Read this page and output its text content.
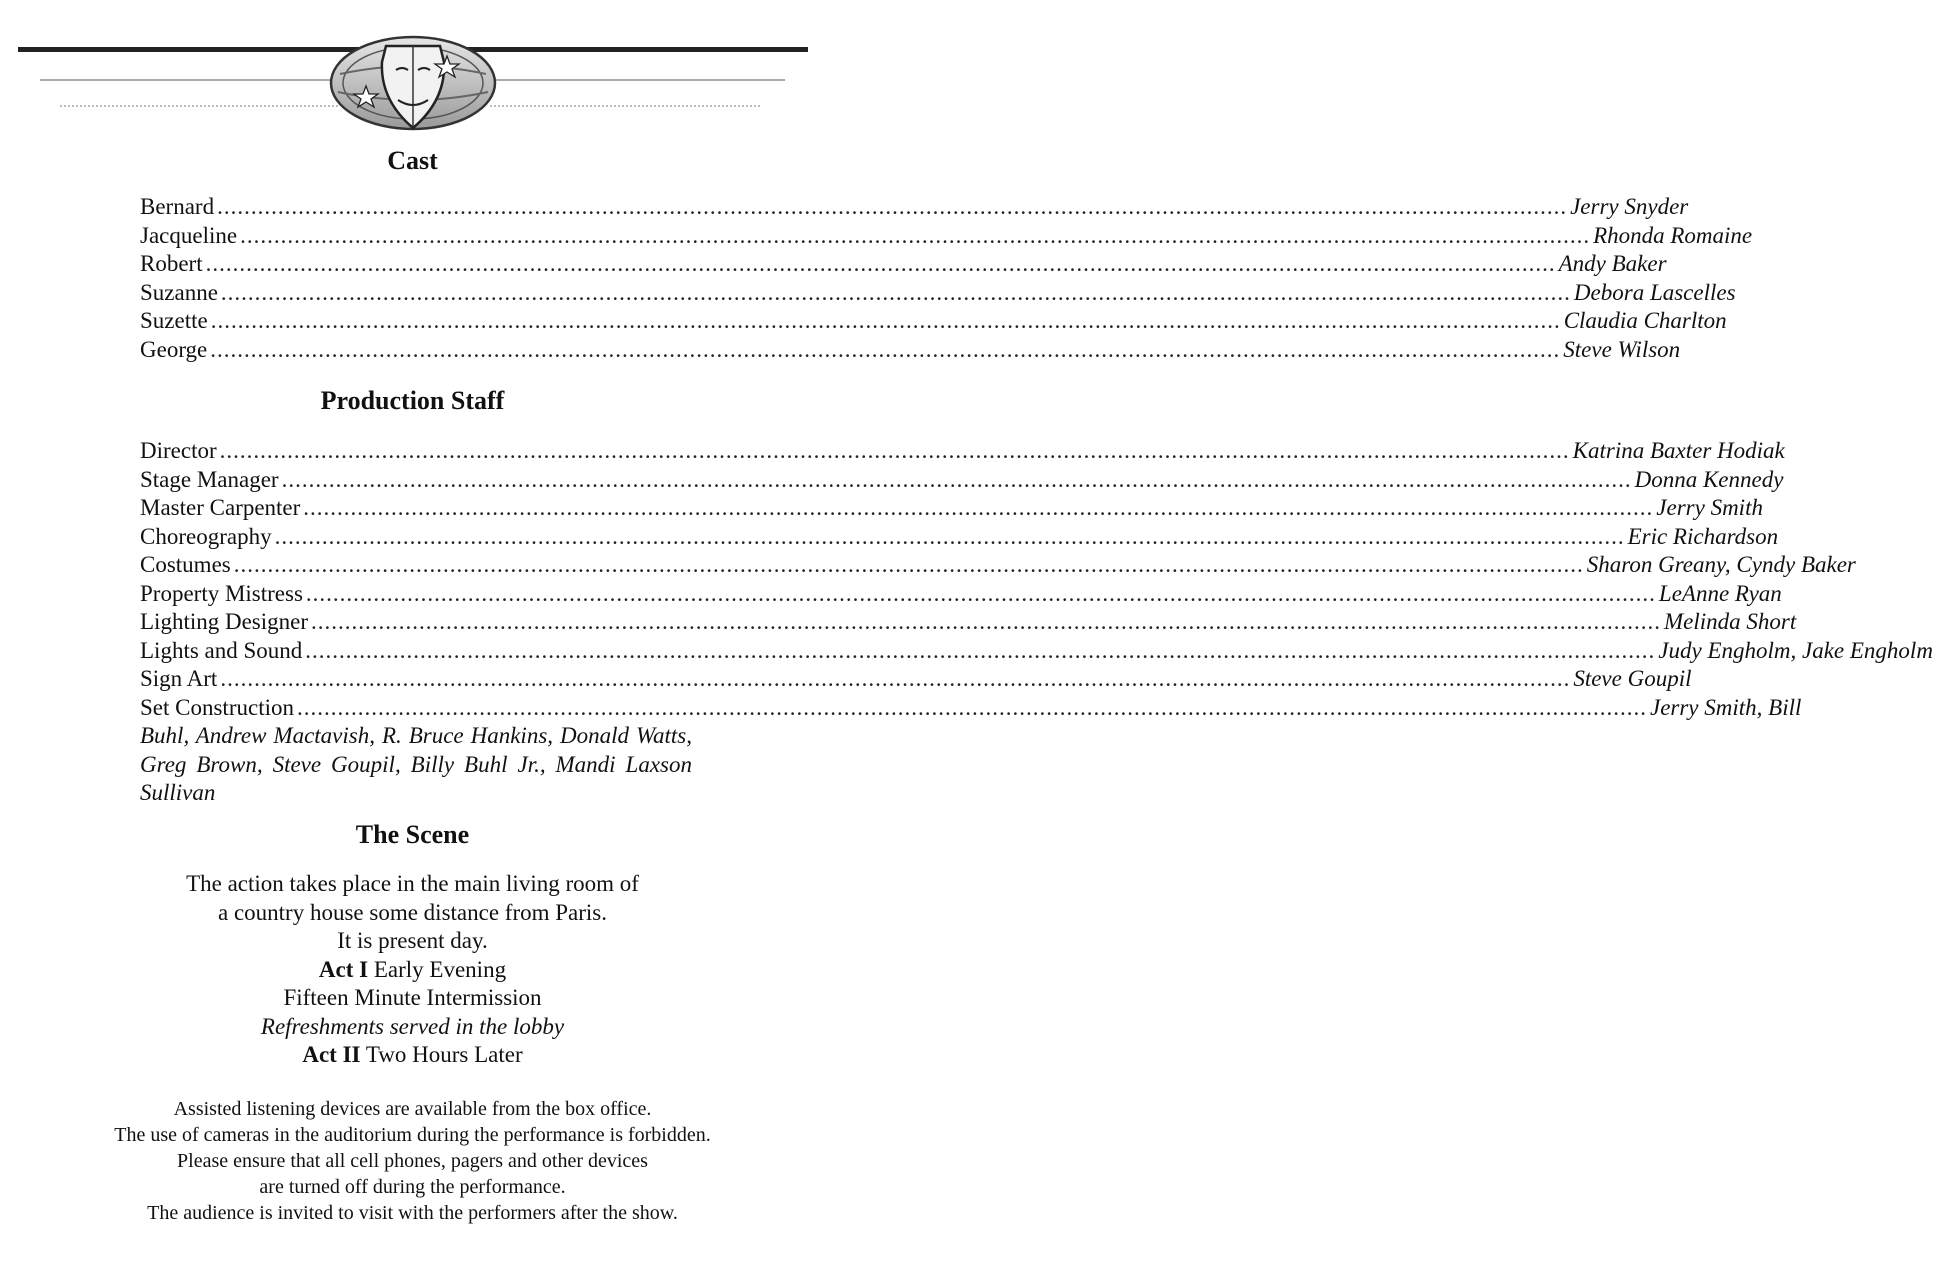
Cast
Bernard ........................................................................................................................................................................................................ Jerry Snyder
Jacqueline ........................................................................................................................................................................................................ Rhonda Romaine
Robert ........................................................................................................................................................................................................ Andy Baker
Suzanne ........................................................................................................................................................................................................ Debora Lascelles
Suzette ........................................................................................................................................................................................................ Claudia Charlton
George ........................................................................................................................................................................................................ Steve Wilson
Production Staff
Director ........................................................................................................................................................................................................ Katrina Baxter Hodiak
Stage Manager ........................................................................................................................................................................................................ Donna Kennedy
Master Carpenter ........................................................................................................................................................................................................ Jerry Smith
Choreography ........................................................................................................................................................................................................ Eric Richardson
Costumes ........................................................................................................................................................................................................ Sharon Greany, Cyndy Baker
Property Mistress ........................................................................................................................................................................................................ LeAnne Ryan
Lighting Designer ........................................................................................................................................................................................................ Melinda Short
Lights and Sound ........................................................................................................................................................................................................ Judy Engholm, Jake Engholm
Sign Art ........................................................................................................................................................................................................ Steve Goupil
Set Construction ........................................................................................................................................................................................................ Jerry Smith, Bill
Buhl, Andrew Mactavish, R. Bruce Hankins, Donald Watts, Greg Brown, Steve Goupil, Billy Buhl Jr., Mandi Laxson Sullivan
The Scene
The action takes place in the main living room of
a country house some distance from Paris.
It is present day.
Act I Early Evening
Fifteen Minute Intermission
Refreshments served in the lobby
Act II Two Hours Later
Assisted listening devices are available from the box office.
The use of cameras in the auditorium during the performance is forbidden.
Please ensure that all cell phones, pagers and other devices
are turned off during the performance.
The audience is invited to visit with the performers after the show.
